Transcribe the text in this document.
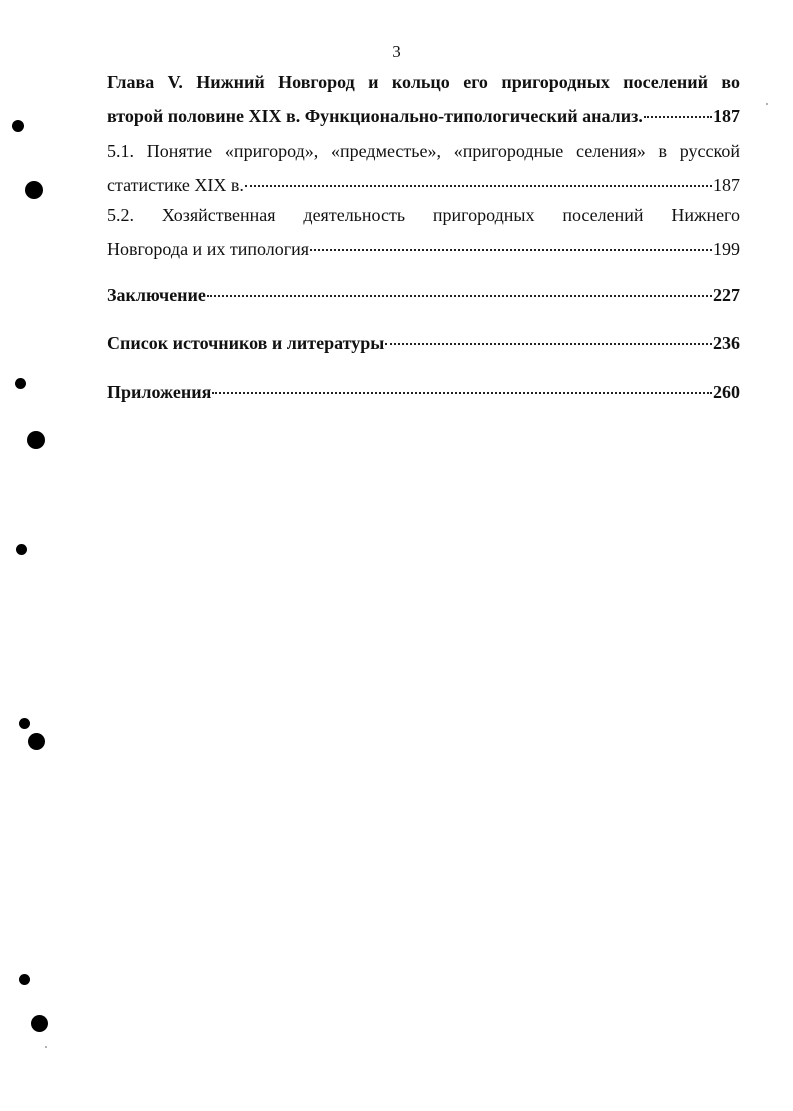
3
Глава V. Нижний Новгород и кольцо его пригородных поселений во
второй половине XIX в. Функционально-типологический анализ.	187
5.1. Понятие «пригород», «предместье», «пригородные селения» в русской
статистике XIX в.	187
5.2. Хозяйственная деятельность пригородных поселений Нижнего
Новгорода и их типология	199
Заключение	227
Список источников и литературы	236
Приложения	260
